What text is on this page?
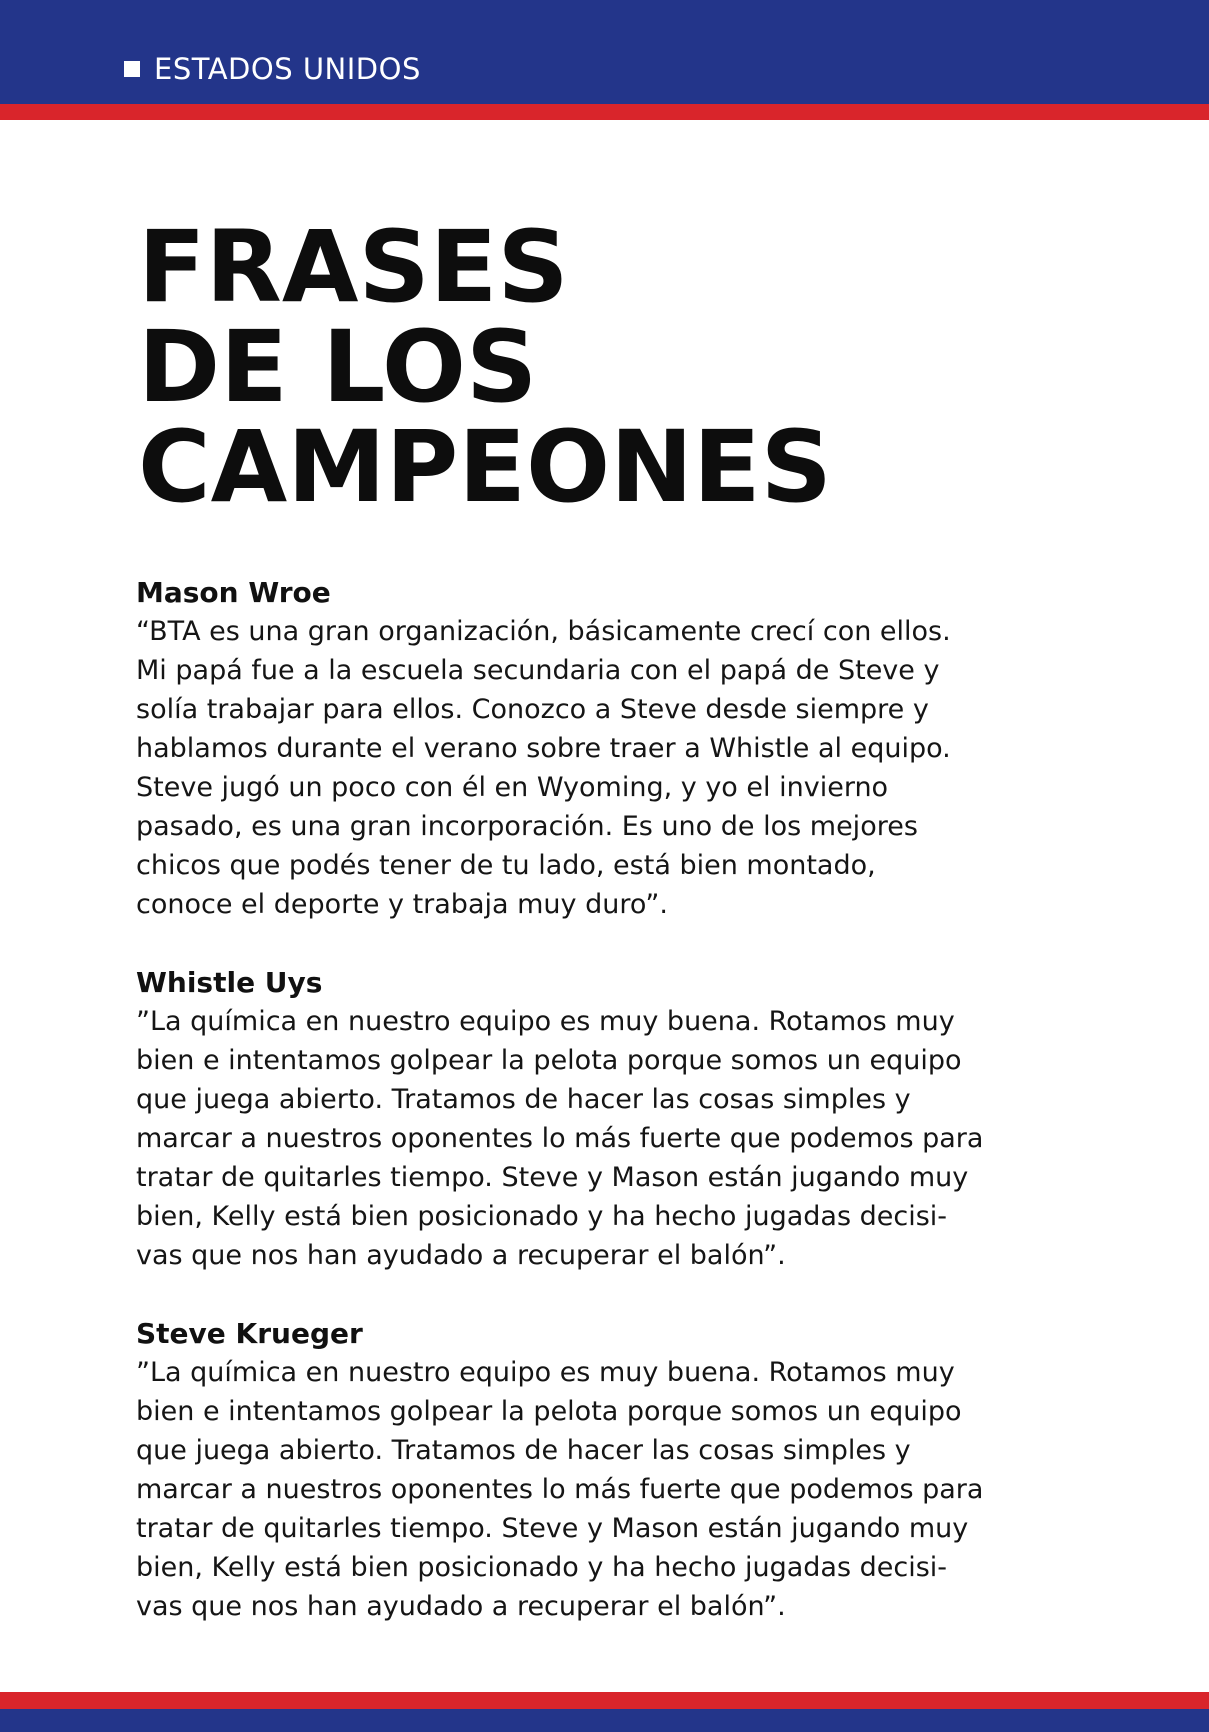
ESTADOS UNIDOS
FRASES
DE LOS
CAMPEONES
Mason Wroe
“BTA es una gran organización, básicamente crecí con ellos.
Mi papá fue a la escuela secundaria con el papá de Steve y
solía trabajar para ellos. Conozco a Steve desde siempre y
hablamos durante el verano sobre traer a Whistle al equipo.
Steve jugó un poco con él en Wyoming, y yo el invierno
pasado, es una gran incorporación. Es uno de los mejores
chicos que podés tener de tu lado, está bien montado,
conoce el deporte y trabaja muy duro”.
Whistle Uys
”La química en nuestro equipo es muy buena. Rotamos muy
bien e intentamos golpear la pelota porque somos un equipo
que juega abierto. Tratamos de hacer las cosas simples y
marcar a nuestros oponentes lo más fuerte que podemos para
tratar de quitarles tiempo. Steve y Mason están jugando muy
bien, Kelly está bien posicionado y ha hecho jugadas decisi-
vas que nos han ayudado a recuperar el balón”.
Steve Krueger
”La química en nuestro equipo es muy buena. Rotamos muy
bien e intentamos golpear la pelota porque somos un equipo
que juega abierto. Tratamos de hacer las cosas simples y
marcar a nuestros oponentes lo más fuerte que podemos para
tratar de quitarles tiempo. Steve y Mason están jugando muy
bien, Kelly está bien posicionado y ha hecho jugadas decisi-
vas que nos han ayudado a recuperar el balón”.
